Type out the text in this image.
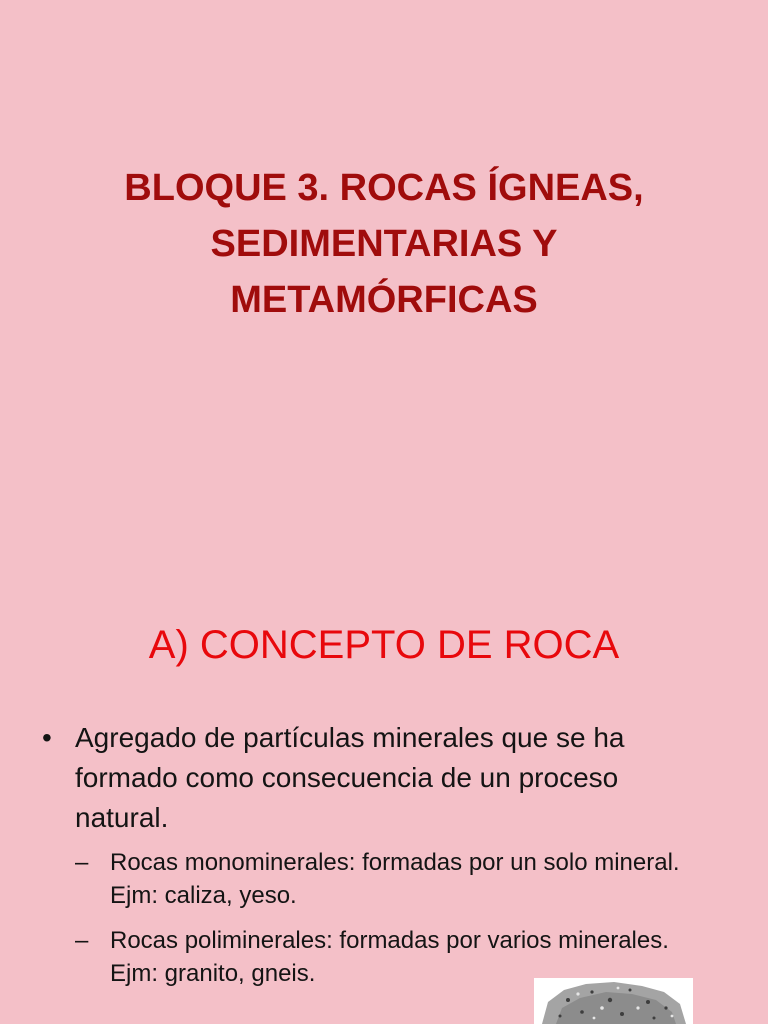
BLOQUE 3. ROCAS ÍGNEAS,
SEDIMENTARIAS Y
METAMÓRFICAS
A) CONCEPTO DE ROCA
• Agregado de partículas minerales que se ha formado como consecuencia de un proceso natural.
– Rocas monominerales: formadas por un solo mineral. Ejm: caliza, yeso.
– Rocas poliminerales: formadas por varios minerales. Ejm: granito, gneis.
